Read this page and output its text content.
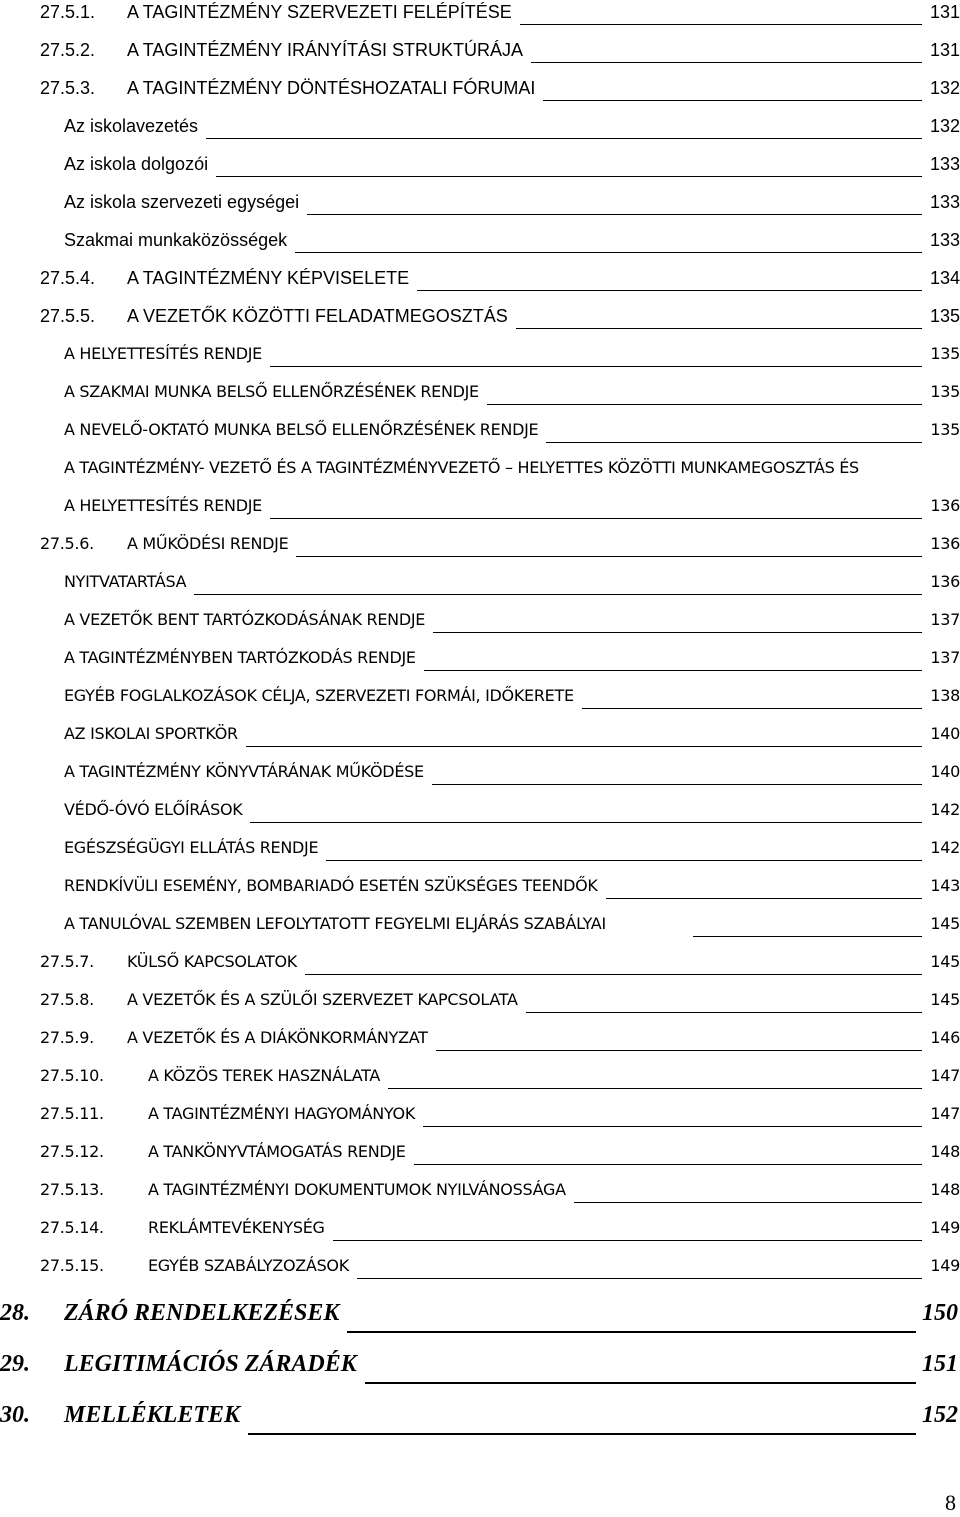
27.5.1. A TAGINTÉZMÉNY SZERVEZETI FELÉPÍTÉSE	131
27.5.2. A TAGINTÉZMÉNY IRÁNYÍTÁSI STRUKTÚRÁJA	131
27.5.3. A TAGINTÉZMÉNY DÖNTÉSHOZATALI FÓRUMAI	132
Az iskolavezetés	132
Az iskola dolgozói	133
Az iskola szervezeti egységei	133
Szakmai munkaközösségek	133
27.5.4. A TAGINTÉZMÉNY KÉPVISELETE	134
27.5.5. A VEZETŐK KÖZÖTTI FELADATMEGOSZTÁS	135
A HELYETTESÍTÉS RENDJE	135
A SZAKMAI MUNKA BELSŐ ELLENŐRZÉSÉNEK RENDJE	135
A NEVELŐ-OKTATÓ MUNKA BELSŐ ELLENŐRZÉSÉNEK RENDJE	135
A TAGINTÉZMÉNY- VEZETŐ ÉS A TAGINTÉZMÉNYVEZETŐ – HELYETTES KÖZÖTTI MUNKAMEGOSZTÁS ÉS
A HELYETTESÍTÉS RENDJE	136
27.5.6. A MŰKÖDÉSI RENDJE	136
NYITVATARTÁSA	136
A VEZETŐK BENT TARTÓZKODÁSÁNAK RENDJE	137
A TAGINTÉZMÉNYBEN TARTÓZKODÁS RENDJE	137
EGYÉB FOGLALKOZÁSOK CÉLJA, SZERVEZETI FORMÁI, IDŐKERETE	138
AZ ISKOLAI SPORTKÖR	140
A TAGINTÉZMÉNY KÖNYVTÁRÁNAK MŰKÖDÉSE	140
VÉDŐ-ÓVÓ ELŐÍRÁSOK	142
EGÉSZSÉGÜGYI ELLÁTÁS RENDJE	142
RENDKÍVÜLI ESEMÉNY, BOMBARIADÓ ESETÉN SZÜKSÉGES TEENDŐK	143
A TANULÓVAL SZEMBEN LEFOLYTATOTT FEGYELMI ELJÁRÁS SZABÁLYAI	145
27.5.7. KÜLSŐ KAPCSOLATOK	145
27.5.8. A VEZETŐK ÉS A SZÜLŐI SZERVEZET KAPCSOLATA	145
27.5.9. A VEZETŐK ÉS A DIÁKÖNKORMÁNYZAT	146
27.5.10.	A KÖZÖS TEREK HASZNÁLATA	147
27.5.11.	A TAGINTÉZMÉNYI HAGYOMÁNYOK	147
27.5.12.	A TANKÖNYVTÁMOGATÁS RENDJE	148
27.5.13.	A TAGINTÉZMÉNYI DOKUMENTUMOK NYILVÁNOSSÁGA	148
27.5.14.	REKLÁMTEVÉKENYSÉG	149
27.5.15.	EGYÉB SZABÁLYZOZÁSOK	149
28. ZÁRÓ RENDELKEZÉSEK	150
29. LEGITIMÁCIÓS ZÁRADÉK	151
30. MELLÉKLETEK	152
8
